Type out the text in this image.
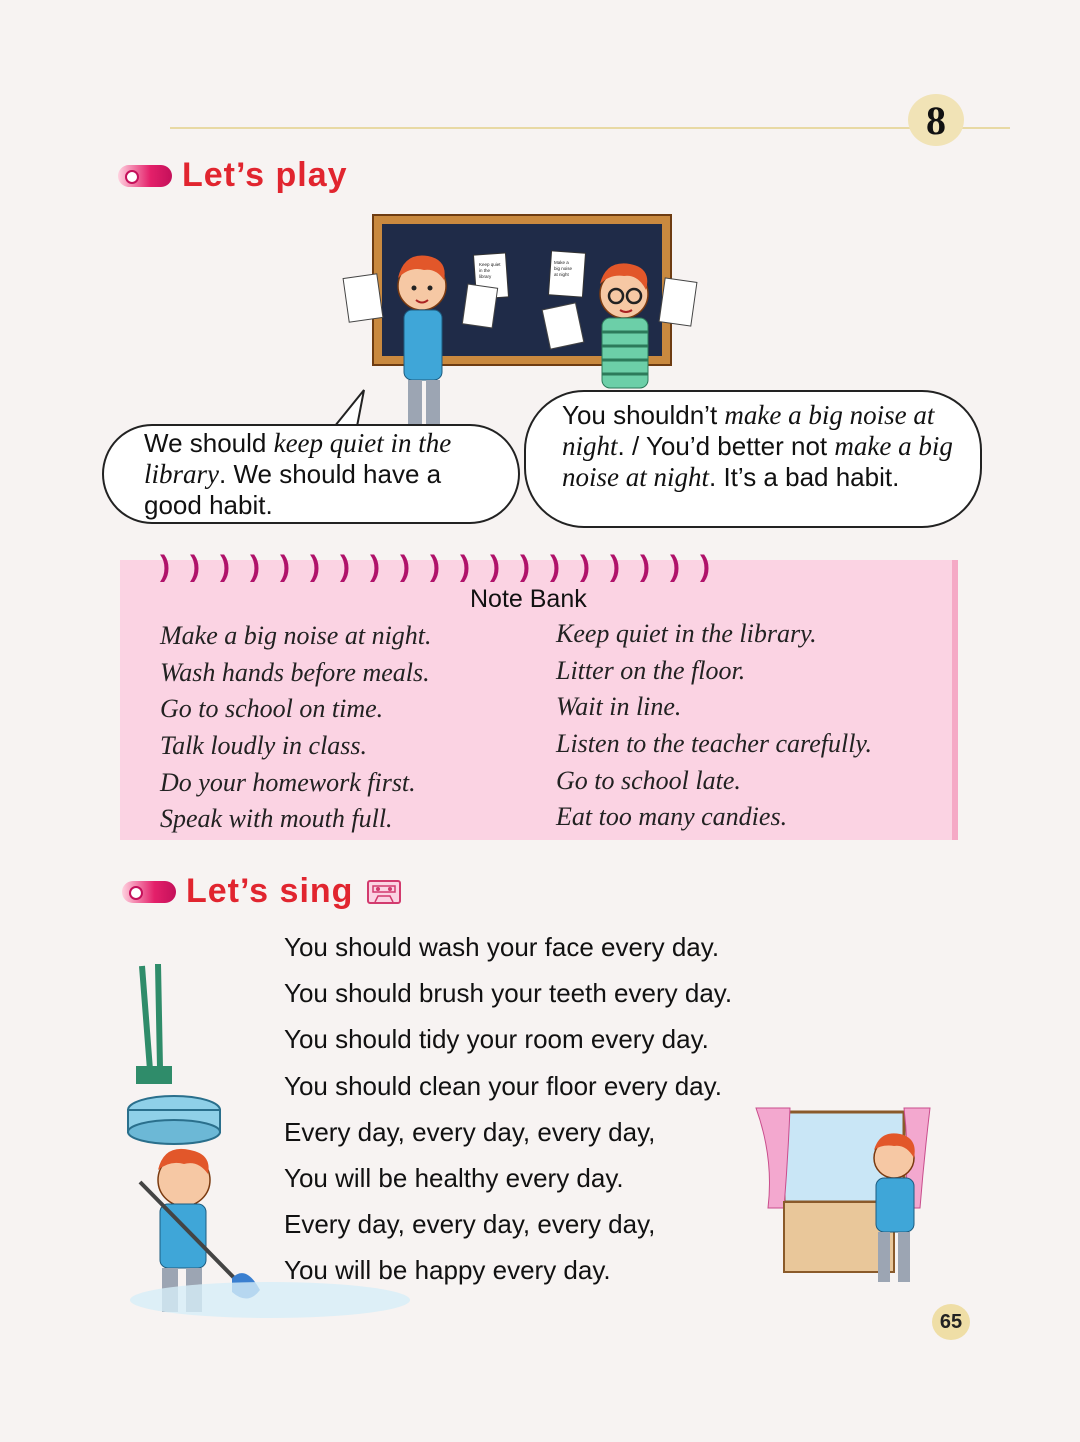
8
Let’s play
Keep quiet in the library
Make a big noise at night
We should keep quiet in the library. We should have a good habit.
You shouldn’t make a big noise at night. / You’d better not make a big noise at night. It’s a bad habit.
) ) ) ) ) ) ) ) ) ) ) ) ) ) ) ) ) ) )
Note Bank
Make a big noise at night.
Wash hands before meals.
Go to school on time.
Talk loudly in class.
Do your homework first.
Speak with mouth full.
Keep quiet in the library.
Litter on the floor.
Wait in line.
Listen to the teacher carefully.
Go to school late.
Eat too many candies.
Let’s sing
You should wash your face every day.
You should brush your teeth every day.
You should tidy your room every day.
You should clean your floor every day.
Every day, every day, every day,
You will be healthy every day.
Every day, every day, every day,
You will be happy every day.
65
